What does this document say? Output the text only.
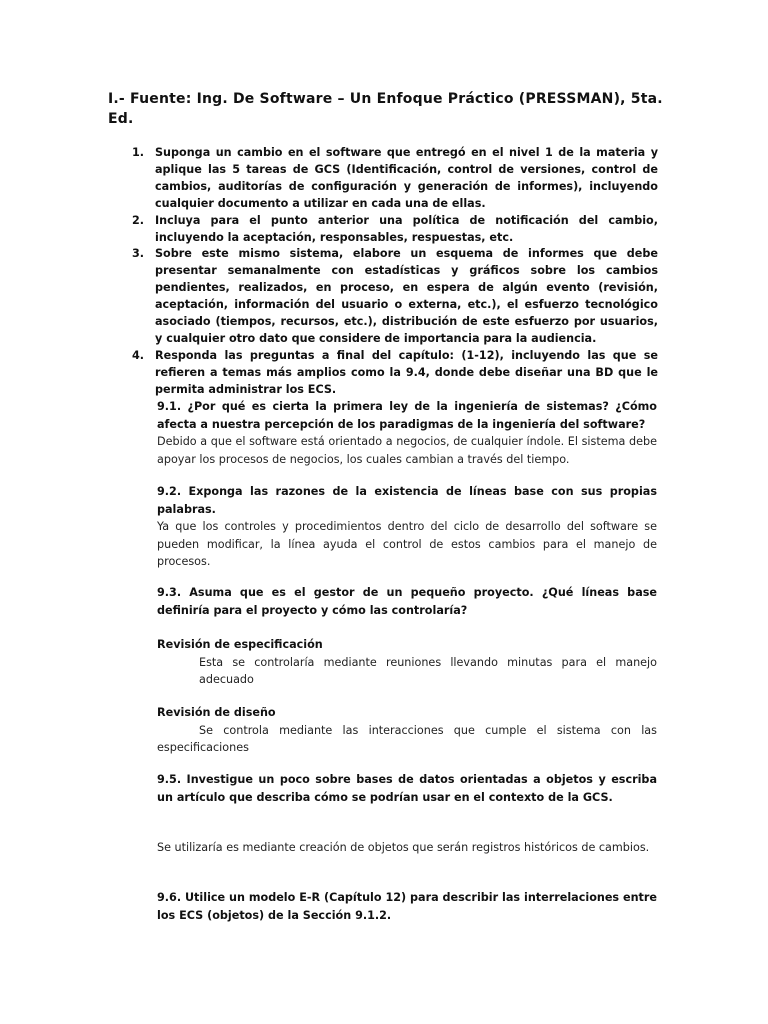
I.- Fuente: Ing. De Software – Un Enfoque Práctico (PRESSMAN), 5ta. Ed.
1. Suponga un cambio en el software que entregó en el nivel 1 de la materia y aplique las 5 tareas de GCS (Identificación, control de versiones, control de cambios, auditorías de configuración y generación de informes), incluyendo cualquier documento a utilizar en cada una de ellas.
2. Incluya para el punto anterior una política de notificación del cambio, incluyendo la aceptación, responsables, respuestas, etc.
3. Sobre este mismo sistema, elabore un esquema de informes que debe presentar semanalmente con estadísticas y gráficos sobre los cambios pendientes, realizados, en proceso, en espera de algún evento (revisión, aceptación, información del usuario o externa, etc.), el esfuerzo tecnológico asociado (tiempos, recursos, etc.), distribución de este esfuerzo por usuarios, y cualquier otro dato que considere de importancia para la audiencia.
4. Responda las preguntas a final del capítulo: (1-12), incluyendo las que se refieren a temas más amplios como la 9.4, donde debe diseñar una BD que le permita administrar los ECS.
9.1. ¿Por qué es cierta la primera ley de la ingeniería de sistemas? ¿Cómo afecta a nuestra percepción de los paradigmas de la ingeniería del software?
Debido a que el software está orientado a negocios, de cualquier índole. El sistema debe apoyar los procesos de negocios, los cuales cambian a través del tiempo.
9.2. Exponga las razones de la existencia de líneas base con sus propias palabras.
Ya que los controles y procedimientos dentro del ciclo de desarrollo del software se pueden modificar, la línea ayuda el control de estos cambios para el manejo de procesos.
9.3. Asuma que es el gestor de un pequeño proyecto. ¿Qué líneas base definiría para el proyecto y cómo las controlaría?
Revisión de especificación
Esta se controlaría mediante reuniones llevando minutas para el manejo adecuado
Revisión de diseño
Se controla mediante las interacciones que cumple el sistema con las especificaciones
9.5. Investigue un poco sobre bases de datos orientadas a objetos y escriba un artículo que describa cómo se podrían usar en el contexto de la GCS.
Se utilizaría es mediante creación de objetos que serán registros históricos de cambios.
9.6. Utilice un modelo E-R (Capítulo 12) para describir las interrelaciones entre los ECS (objetos) de la Sección 9.1.2.
